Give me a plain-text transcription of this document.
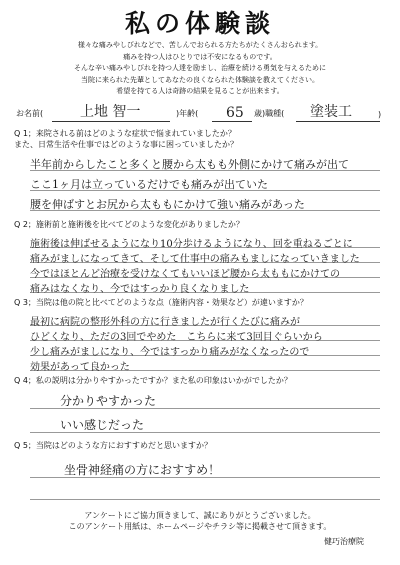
私の体験談
様々な痛みやしびれなどで、苦しんでおられる方たちがたくさんおられます。
痛みを持つ人はひとりでは不安になるものです。
そんな辛い痛みやしびれを持つ人達を励まし、治療を続ける勇気を与えるために
当院に来られた先輩としてあなたの良くなられた体験談を教えてください。
希望を持てる人は奇跡の結果を見ることが出来ます。
お名前(	上地 智一	)年齢( 65 歳)職種( 塗装工	)
Q 1；来院される前はどのような症状で悩まれていましたか？
また、日常生活や仕事ではどのような事に困っていましたか？
半年前からしたこと多くと腰から太もも外側にかけて痛みが出て
ここ1ヶ月は立っているだけでも痛みが出ていた
腰を伸ばすとお尻から太ももにかけて強い痛みがあった
Q 2；施術前と施術後を比べてどのような変化がありましたか？
施術後は伸ばせるようになり10分歩けるようになり、回を重ねるごとに
痛みがましになってきて、そして仕事中の痛みもましになっていきました
今ではほとんど治療を受けなくてもいいほど腰から太ももにかけての
痛みはなくなり、今ではすっかり良くなりました
Q 3；当院は他の院と比べてどのような点（施術内容・効果など）が違いますか？
最初に病院の整形外科の方に行きましたが行くたびに痛みが
ひどくなり、ただの3回でやめた　こちらに来て3回目ぐらいから
少し痛みがましになり、今ではすっかり痛みがなくなったので
効果があって良かった
Q 4；私の説明は分かりやすかったですか？また私の印象はいかがでしたか？
分かりやすかった
いい感じだった
Q 5；当院はどのような方におすすめだと思いますか？
坐骨神経痛の方におすすめ！
アンケートにご協力頂きまして、誠にありがとうございました。
このアンケート用紙は、ホームページやチラシ等に掲載させて頂きます。
健巧治療院
